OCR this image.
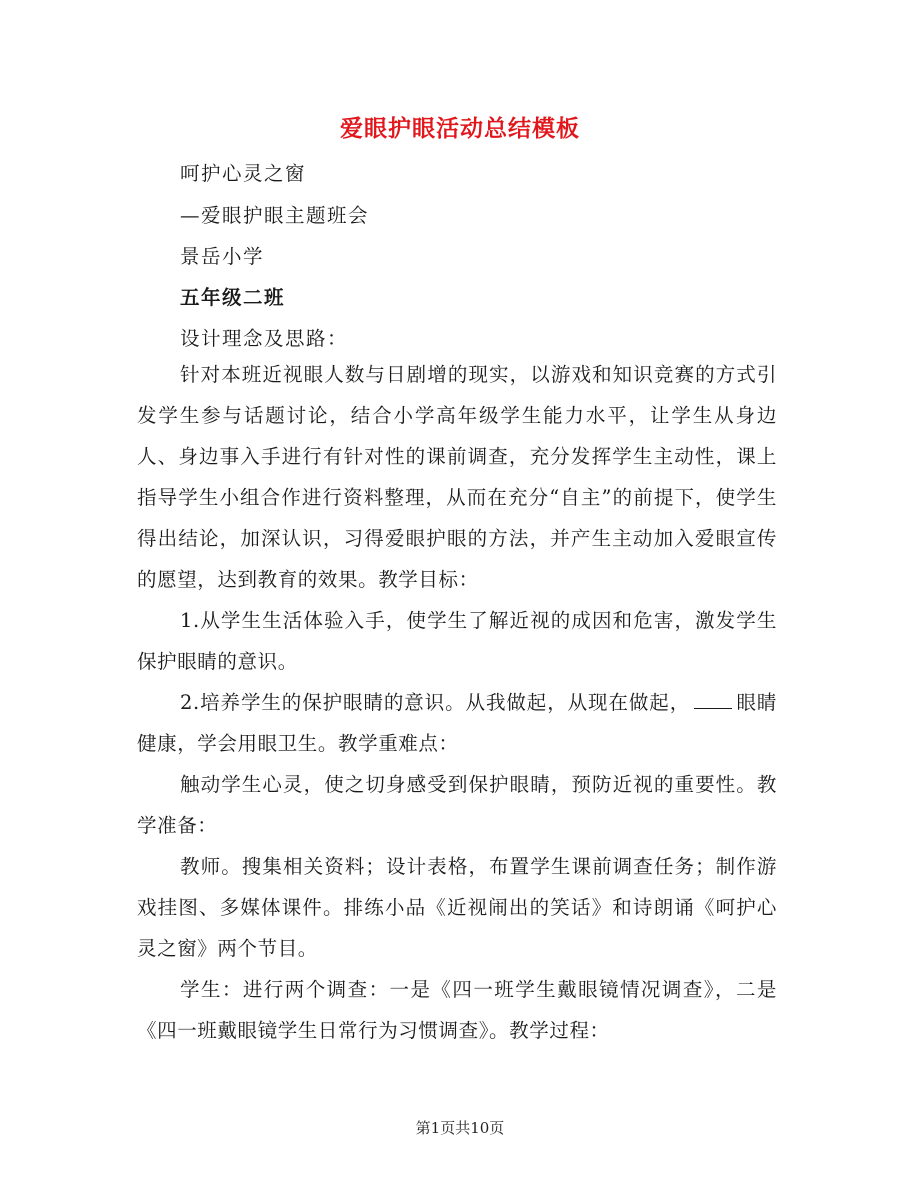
爱眼护眼活动总结模板
呵护心灵之窗
—爱眼护眼主题班会
景岳小学
五年级二班
设计理念及思路：
针对本班近视眼人数与日剧增的现实，以游戏和知识竞赛的方式引发学生参与话题讨论，结合小学高年级学生能力水平，让学生从身边人、身边事入手进行有针对性的课前调查，充分发挥学生主动性，课上指导学生小组合作进行资料整理，从而在充分“自主”的前提下，使学生得出结论，加深认识，习得爱眼护眼的方法，并产生主动加入爱眼宣传的愿望，达到教育的效果。教学目标：
1.从学生生活体验入手，使学生了解近视的成因和危害，激发学生保护眼睛的意识。
2.培养学生的保护眼睛的意识。从我做起，从现在做起， 眼睛健康，学会用眼卫生。教学重难点：
触动学生心灵，使之切身感受到保护眼睛，预防近视的重要性。教学准备：
教师。搜集相关资料；设计表格，布置学生课前调查任务；制作游戏挂图、多媒体课件。排练小品《近视闹出的笑话》和诗朗诵《呵护心灵之窗》两个节目。
学生：进行两个调查：一是《四一班学生戴眼镜情况调查》，二是《四一班戴眼镜学生日常行为习惯调查》。教学过程：
第1页共10页
